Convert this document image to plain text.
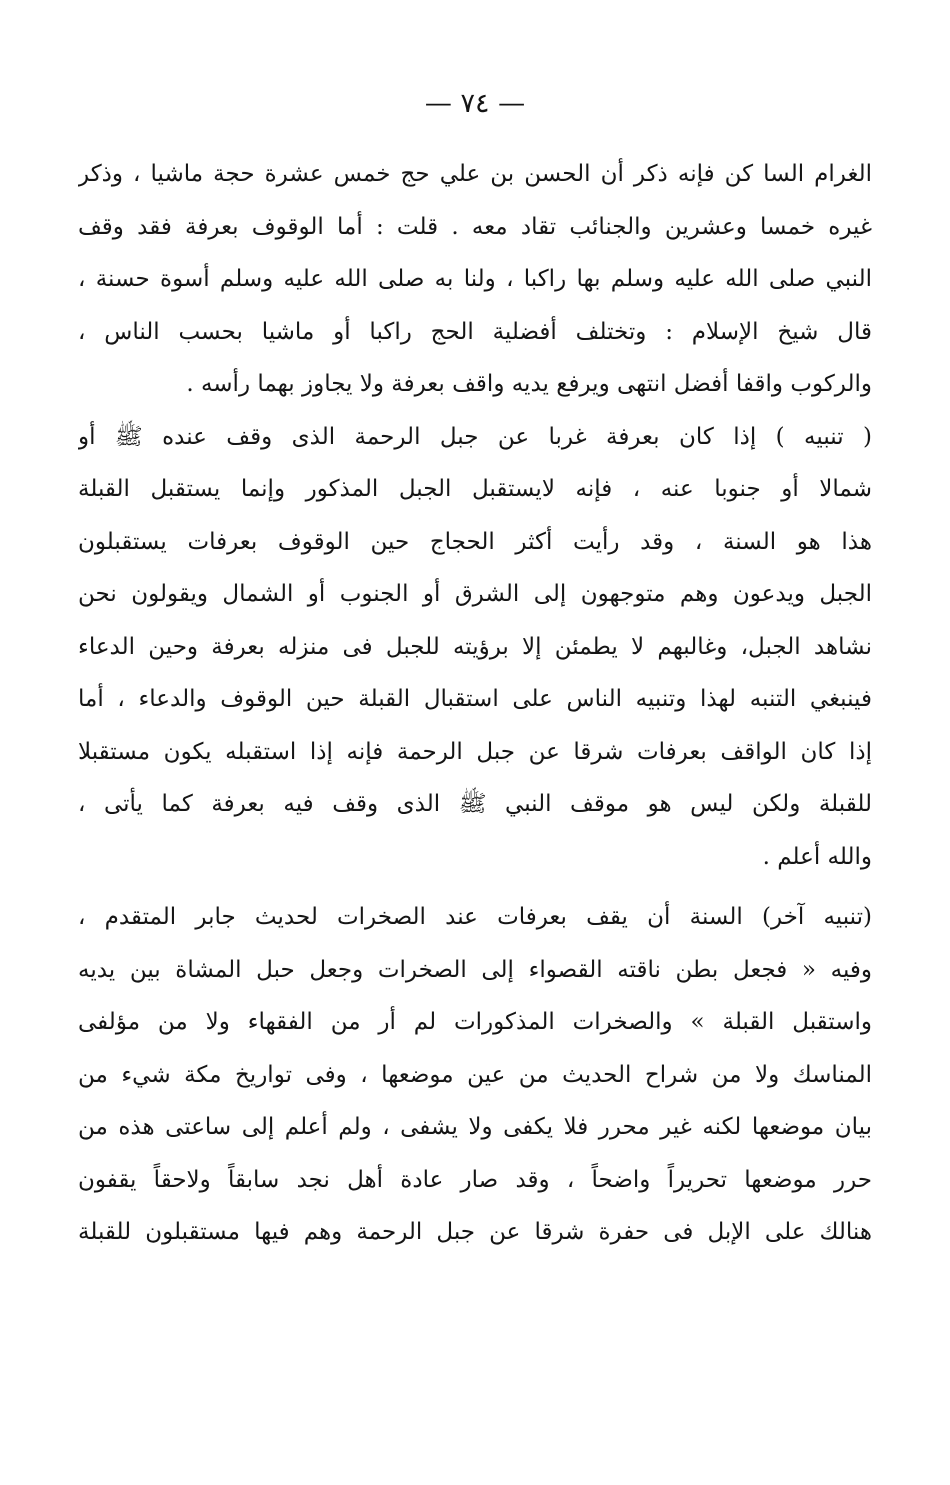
— ٧٤ —
الغرام السا كن فإنه ذكر أن الحسن بن علي حج خمس عشرة حجة ماشيا ، وذكر
غيره خمسا وعشرين والجنائب تقاد معه . قلت : أما الوقوف بعرفة فقد وقف
النبي صلى الله عليه وسلم بها راكبا ، ولنا به صلى الله عليه وسلم أسوة حسنة ،
قال شيخ الإسلام : وتختلف أفضلية الحج راكبا أو ماشيا بحسب الناس ،
والركوب واقفا أفضل انتهى ويرفع يديه واقف بعرفة ولا يجاوز بهما رأسه .
( تنبيه ) إذا كان بعرفة غربا عن جبل الرحمة الذى وقف عنده ﷺ أو
شمالا أو جنوبا عنه ، فإنه لايستقبل الجبل المذكور وإنما يستقبل القبلة
هذا هو السنة ، وقد رأيت أكثر الحجاج حين الوقوف بعرفات يستقبلون
الجبل ويدعون وهم متوجهون إلى الشرق أو الجنوب أو الشمال ويقولون نحن
نشاهد الجبل، وغالبهم لا يطمئن إلا برؤيته للجبل فى منزله بعرفة وحين الدعاء
فينبغي التنبه لهذا وتنبيه الناس على استقبال القبلة حين الوقوف والدعاء ، أما
إذا كان الواقف بعرفات شرقا عن جبل الرحمة فإنه إذا استقبله يكون مستقبلا
للقبلة ولكن ليس هو موقف النبي ﷺ الذى وقف فيه بعرفة كما يأتى ،
والله أعلم .
(تنبيه آخر) السنة أن يقف بعرفات عند الصخرات لحديث جابر المتقدم ،
وفيه « فجعل بطن ناقته القصواء إلى الصخرات وجعل حبل المشاة بين يديه
واستقبل القبلة » والصخرات المذكورات لم أر من الفقهاء ولا من مؤلفى
المناسك ولا من شراح الحديث من عين موضعها ، وفى تواريخ مكة شيء من
بيان موضعها لكنه غير محرر فلا يكفى ولا يشفى ، ولم أعلم إلى ساعتى هذه من
حرر موضعها تحريراً واضحاً ، وقد صار عادة أهل نجد سابقاً ولاحقاً يقفون
هنالك على الإبل فى حفرة شرقا عن جبل الرحمة وهم فيها مستقبلون للقبلة
